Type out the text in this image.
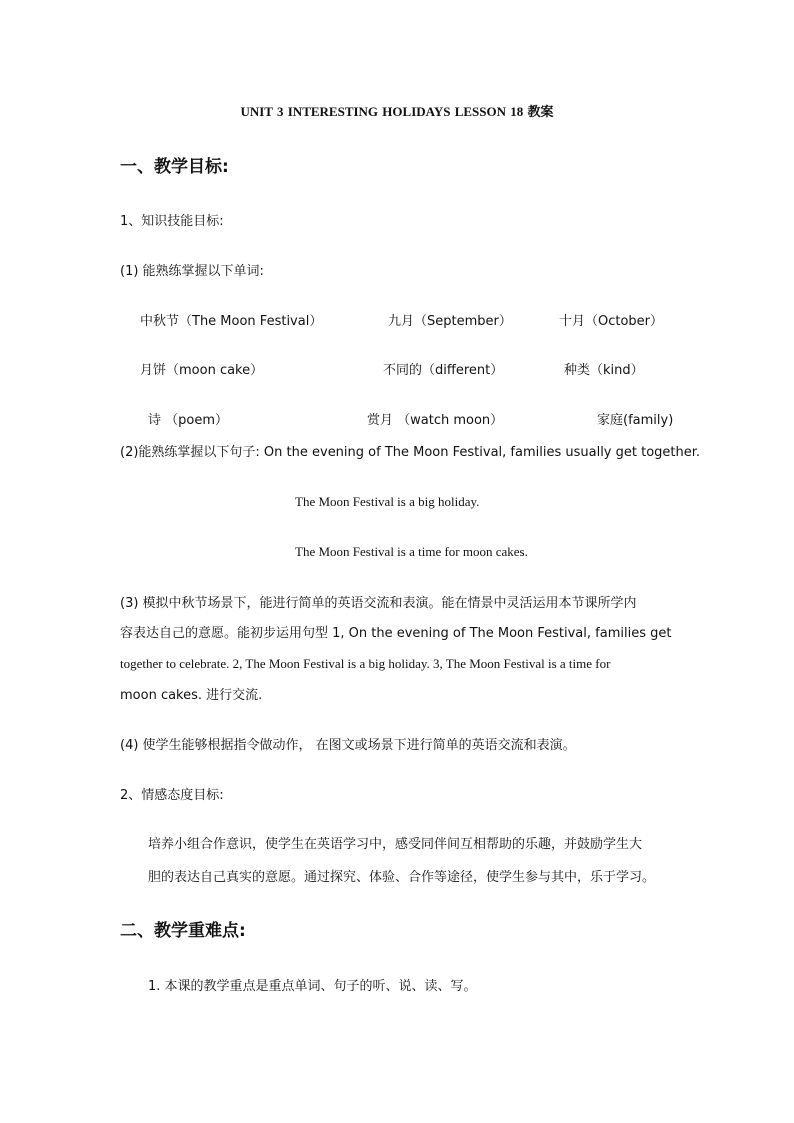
UNIT 3 INTERESTING HOLIDAYS LESSON 18 教案
一、教学目标:
1、知识技能目标:
(1) 能熟练掌握以下单词:
中秋节（The Moon Festival）	九月（September）	十月（October）
月饼（moon cake）	不同的（different）	种类（kind）
诗 （poem）	赏月 （watch moon）	家庭(family)
(2)能熟练掌握以下句子: On the evening of The Moon Festival, families usually get together.
The Moon Festival is a big holiday.
The Moon Festival is a time for moon cakes.
(3) 模拟中秋节场景下，能进行简单的英语交流和表演。能在情景中灵活运用本节课所学内
容表达自己的意愿。能初步运用句型 1, On the evening of The Moon Festival, families get
together to celebrate. 2, The Moon Festival is a big holiday. 3, The Moon Festival is a time for
moon cakes. 进行交流.
(4) 使学生能够根据指令做动作， 在图文或场景下进行简单的英语交流和表演。
2、情感态度目标:
培养小组合作意识，使学生在英语学习中，感受同伴间互相帮助的乐趣，并鼓励学生大
胆的表达自己真实的意愿。通过探究、体验、合作等途径，使学生参与其中，乐于学习。
二、教学重难点:
1. 本课的教学重点是重点单词、句子的听、说、读、写。
